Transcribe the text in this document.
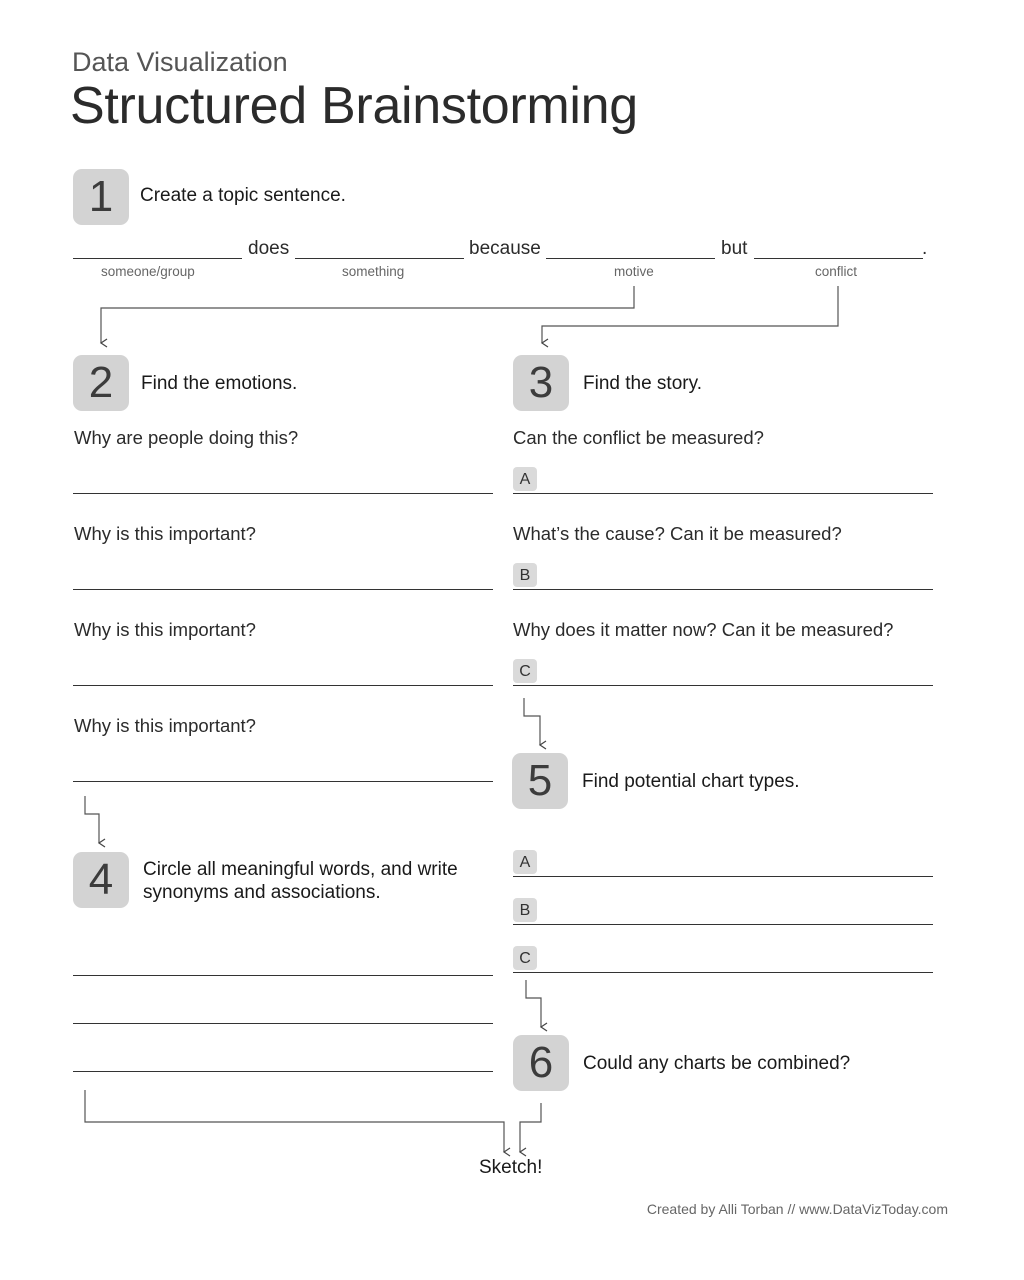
Data Visualization
Structured Brainstorming
1	Create a topic sentence.
does	because	but	.
someone/group	something	motive	conflict
2	Find the emotions.
Why are people doing this?
Why is this important?
Why is this important?
Why is this important?
3	Find the story.
Can the conflict be measured?
A
What’s the cause? Can it be measured?
B
Why does it matter now? Can it be measured?
C
5	Find potential chart types.
A
B
C
4	Circle all meaningful words, and write
synonyms and associations.
6	Could any charts be combined?
Sketch!
Created by Alli Torban // www.DataVizToday.com
